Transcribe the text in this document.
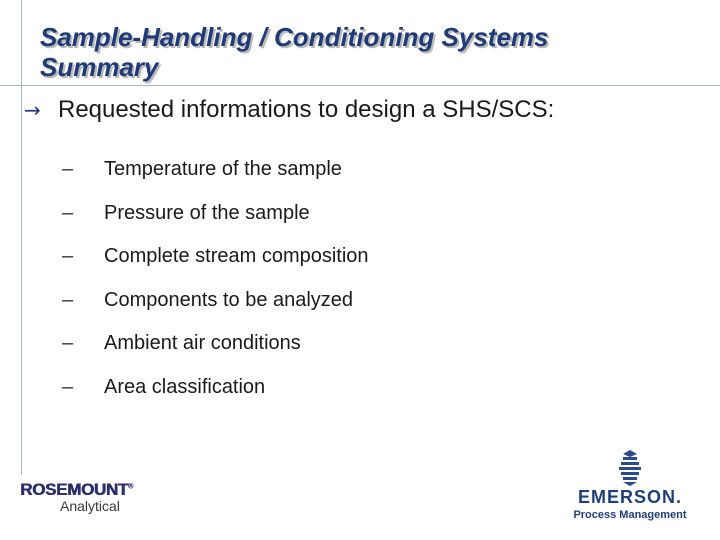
Sample-Handling / Conditioning Systems
Summary
→ Requested informations to design a SHS/SCS:
–	Temperature of the sample
–	Pressure of the sample
–	Complete stream composition
–	Components to be analyzed
–	Ambient air conditions
–	Area classification
ROSEMOUNT®
Analytical	EMERSON.
Process Management
